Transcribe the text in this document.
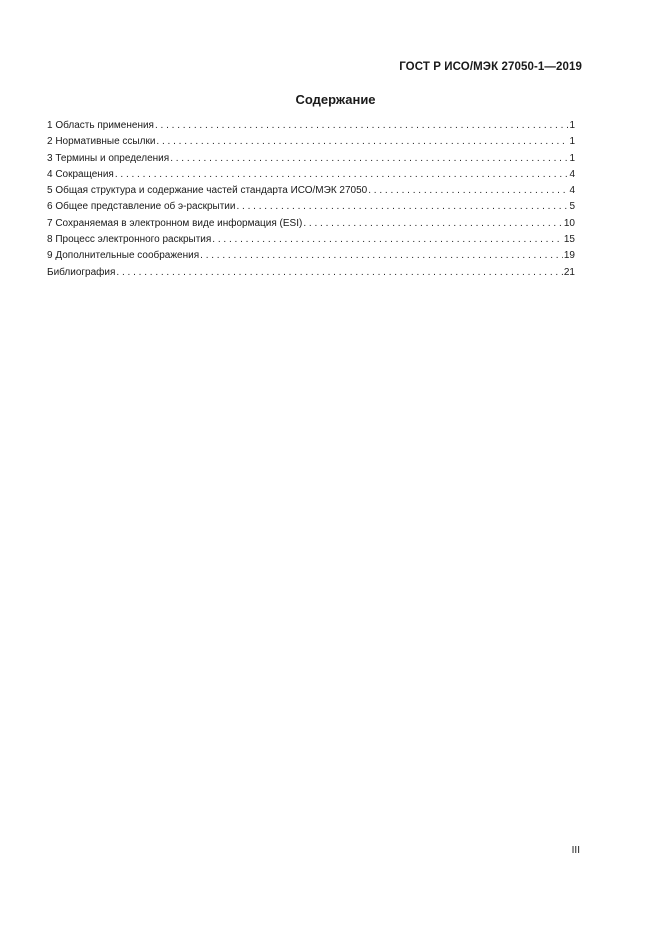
ГОСТ Р ИСО/МЭК 27050-1—2019
Содержание
1 Область применения . . .	1
2 Нормативные ссылки . . .	1
3 Термины и определения . . .	1
4 Сокращения . . .	4
5 Общая структура и содержание частей стандарта ИСО/МЭК 27050 . . .	4
6 Общее представление об э-раскрытии . . .	5
7 Сохраняемая в электронном виде информация (ESI) . . .	10
8 Процесс электронного раскрытия . . .	15
9 Дополнительные соображения . . .	19
Библиография . . .	21
III
